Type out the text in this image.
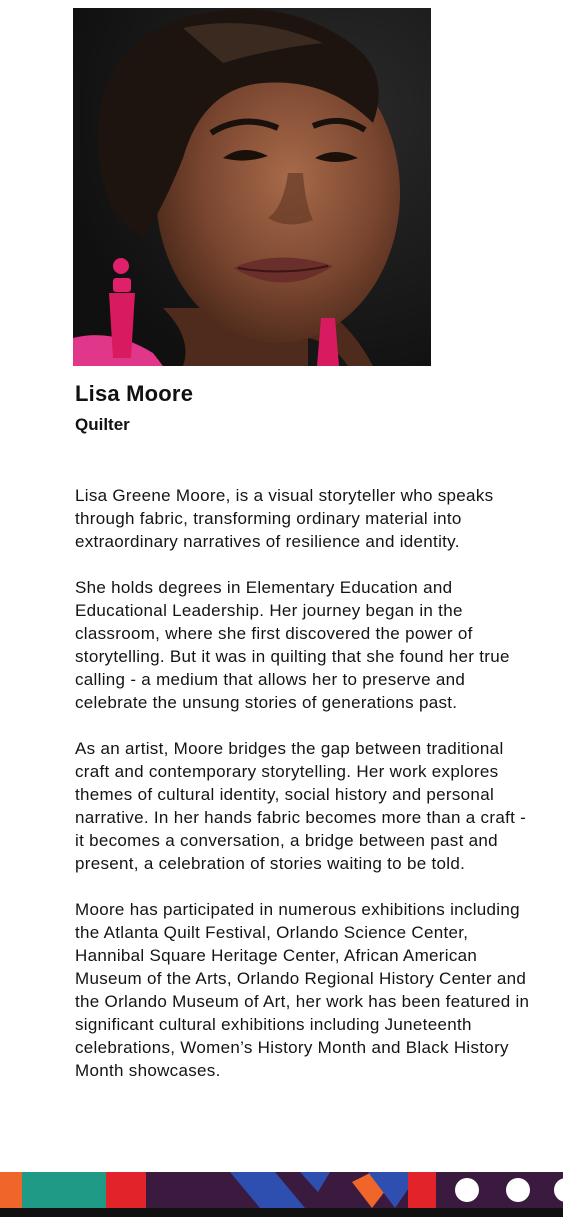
Lisa Moore
Quilter

Lisa Greene Moore, is a visual storyteller who speaks through fabric, transforming ordinary material into extraordinary narratives of resilience and identity.

She holds degrees in Elementary Education and Educational Leadership. Her journey began in the classroom, where she first discovered the power of storytelling. But it was in quilting that she found her true calling - a medium that allows her to preserve and celebrate the unsung stories of generations past.

As an artist, Moore bridges the gap between traditional craft and contemporary storytelling. Her work explores themes of cultural identity, social history and personal narrative. In her hands fabric becomes more than a craft -it becomes a conversation, a bridge between past and present, a celebration of stories waiting to be told.

Moore has participated in numerous exhibitions including the Atlanta Quilt Festival, Orlando Science Center, Hannibal Square Heritage Center, African American Museum of the Arts, Orlando Regional History Center and the Orlando Museum of Art, her work has been featured in significant cultural exhibitions including Juneteenth celebrations, Women’s History Month and Black History Month showcases.
